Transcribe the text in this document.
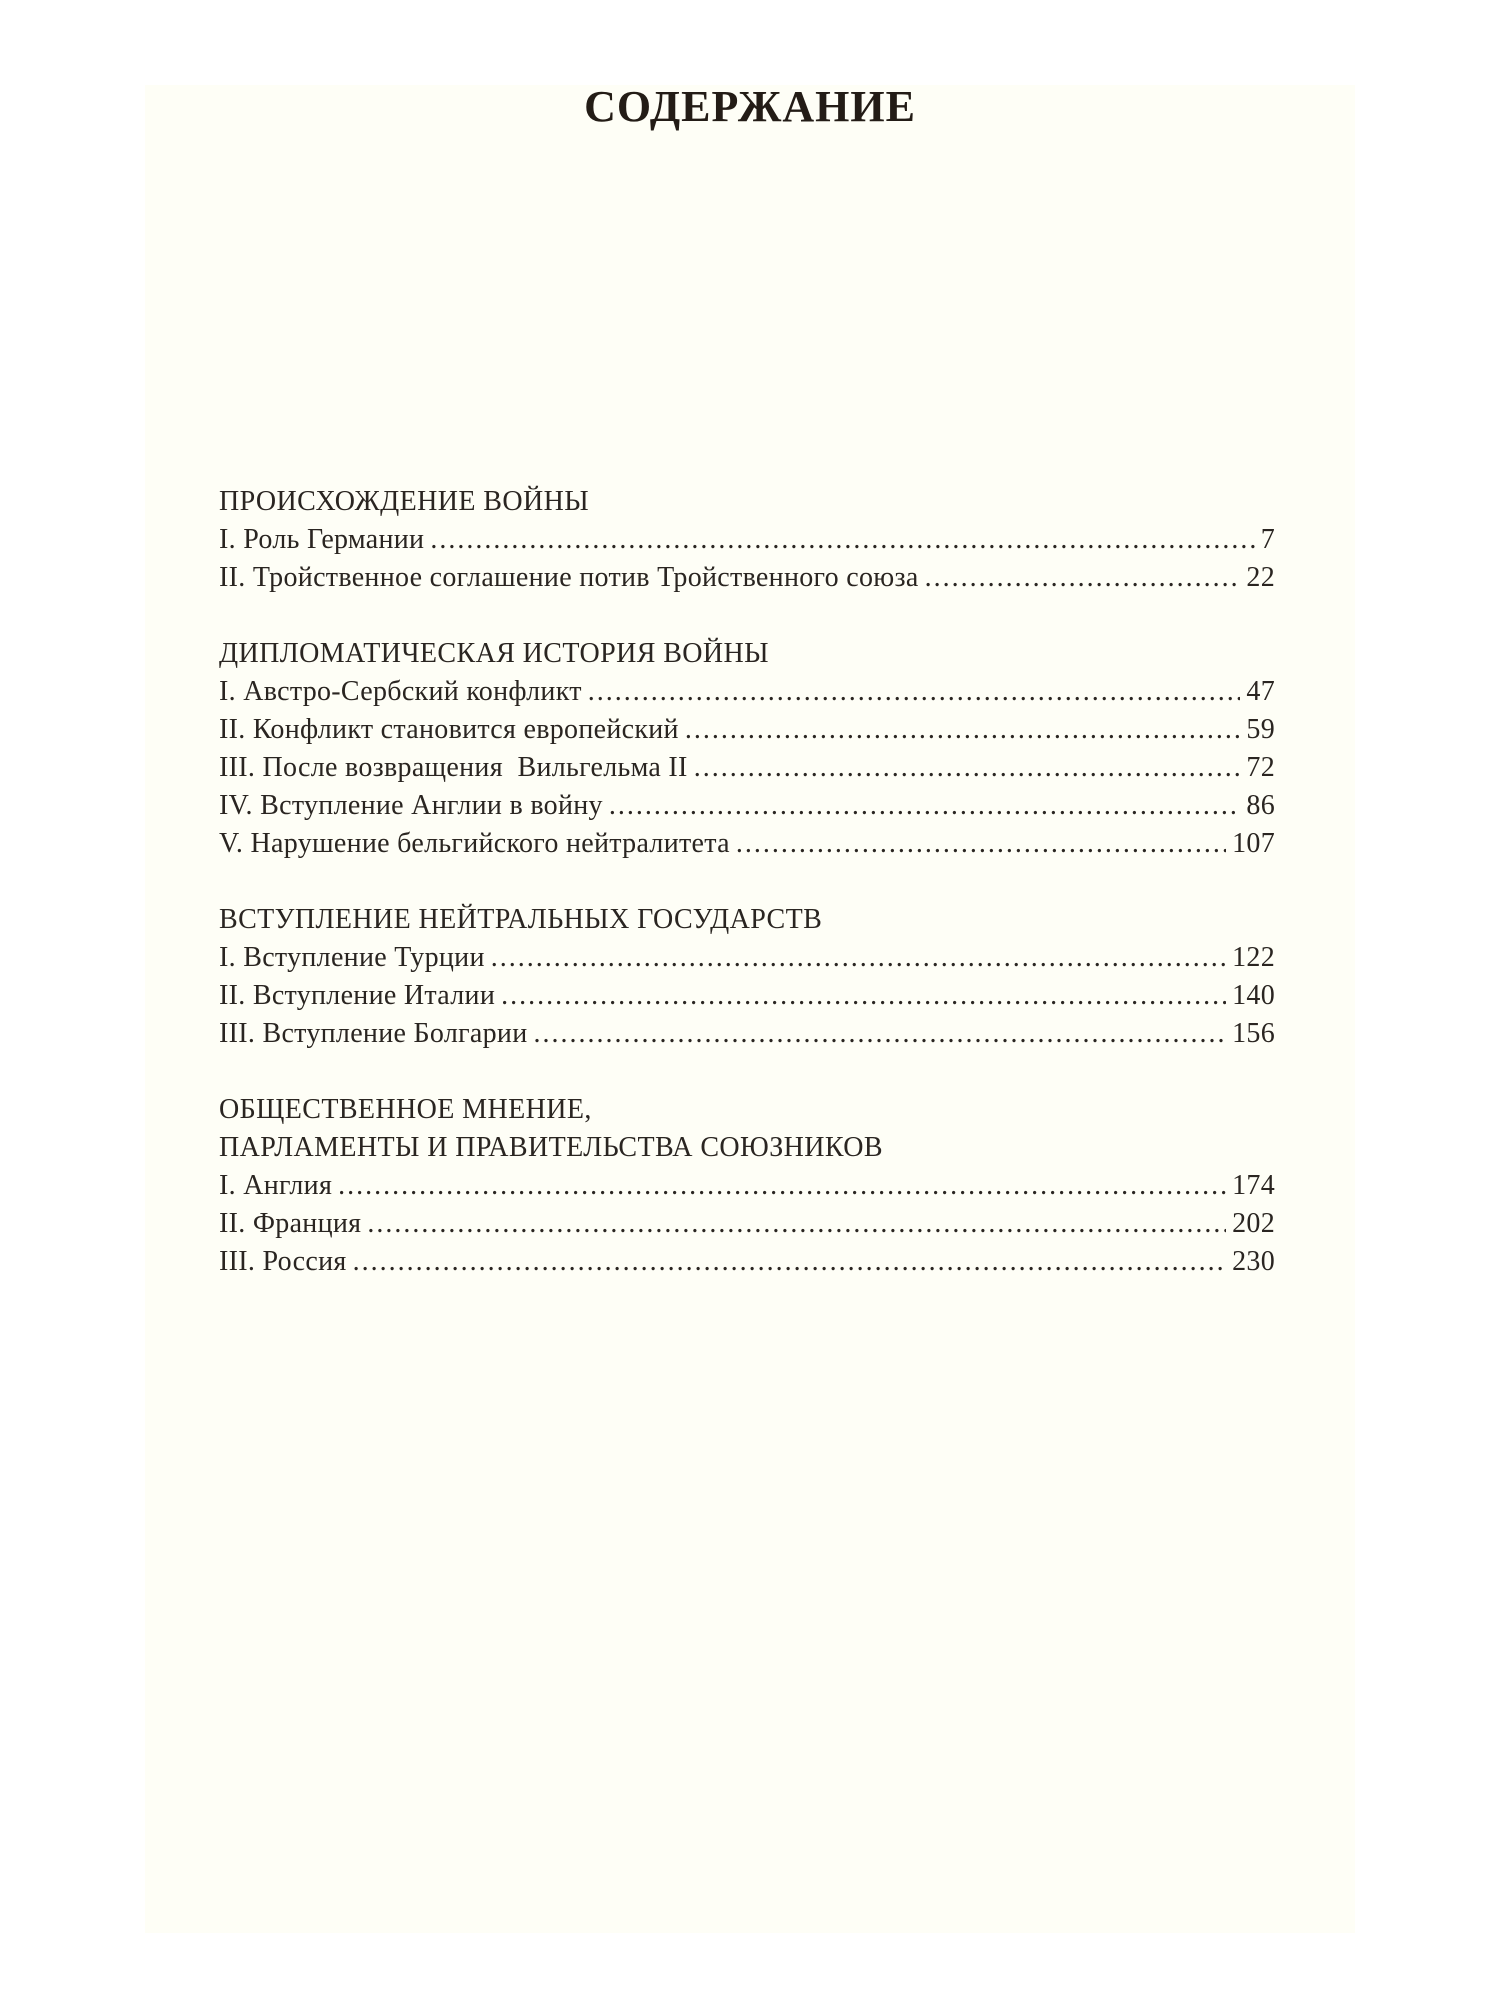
СОДЕРЖАНИЕ
ПРОИСХОЖДЕНИЕ ВОЙНЫ
I. Роль Германии .....	7
II. Тройственное соглашение потив Тройственного союза .....	22
ДИПЛОМАТИЧЕСКАЯ ИСТОРИЯ ВОЙНЫ
I. Австро-Сербский конфликт .....	47
II. Конфликт становится европейский .....	59
III. После возвращения  Вильгельма II .....	72
IV. Вступление Англии в войну .....	86
V. Нарушение бельгийского нейтралитета .....	107
ВСТУПЛЕНИЕ НЕЙТРАЛЬНЫХ ГОСУДАРСТВ
I. Вступление Турции .....	122
II. Вступление Италии .....	140
III. Вступление Болгарии .....	156
ОБЩЕСТВЕННОЕ МНЕНИЕ,
ПАРЛАМЕНТЫ И ПРАВИТЕЛЬСТВА СОЮЗНИКОВ
I. Англия .....	174
II. Франция .....	202
III. Россия .....	230
